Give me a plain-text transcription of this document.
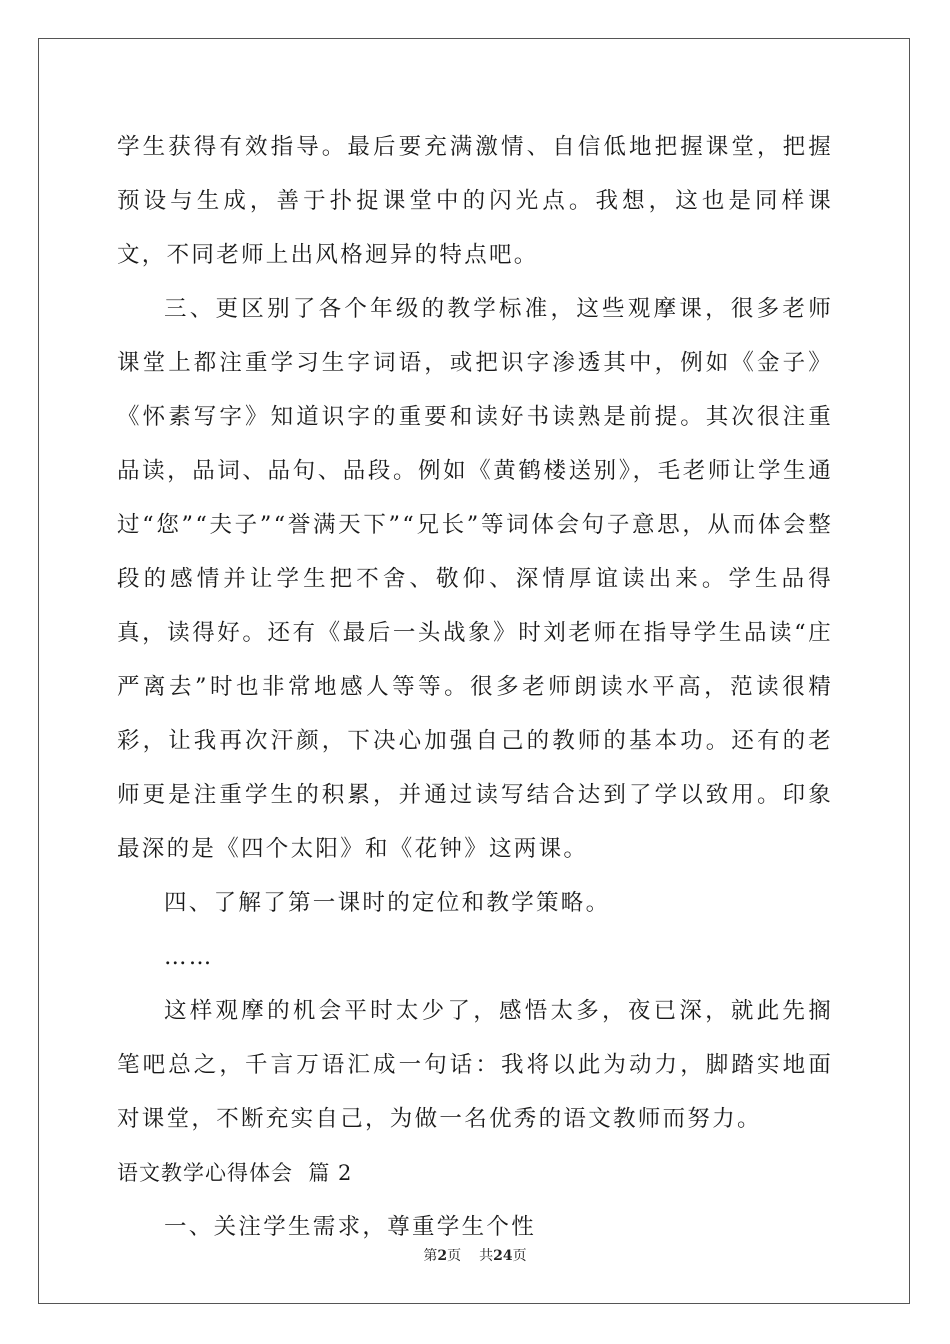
学生获得有效指导。最后要充满激情、自信低地把握课堂，把握预设与生成，善于扑捉课堂中的闪光点。我想，这也是同样课文，不同老师上出风格迥异的特点吧。

三、更区别了各个年级的教学标准，这些观摩课，很多老师课堂上都注重学习生字词语，或把识字渗透其中，例如《金子》《怀素写字》知道识字的重要和读好书读熟是前提。其次很注重品读，品词、品句、品段。例如《黄鹤楼送别》，毛老师让学生通过“您”“夫子”“誉满天下”“兄长”等词体会句子意思，从而体会整段的感情并让学生把不舍、敬仰、深情厚谊读出来。学生品得真，读得好。还有《最后一头战象》时刘老师在指导学生品读“庄严离去”时也非常地感人等等。很多老师朗读水平高，范读很精彩，让我再次汗颜，下决心加强自己的教师的基本功。还有的老师更是注重学生的积累，并通过读写结合达到了学以致用。印象最深的是《四个太阳》和《花钟》这两课。

四、了解了第一课时的定位和教学策略。

……

这样观摩的机会平时太少了，感悟太多，夜已深，就此先搁笔吧总之，千言万语汇成一句话：我将以此为动力，脚踏实地面对课堂，不断充实自己，为做一名优秀的语文教师而努力。

语文教学心得体会  篇 2

一、关注学生需求，尊重学生个性

第2页 共24页
